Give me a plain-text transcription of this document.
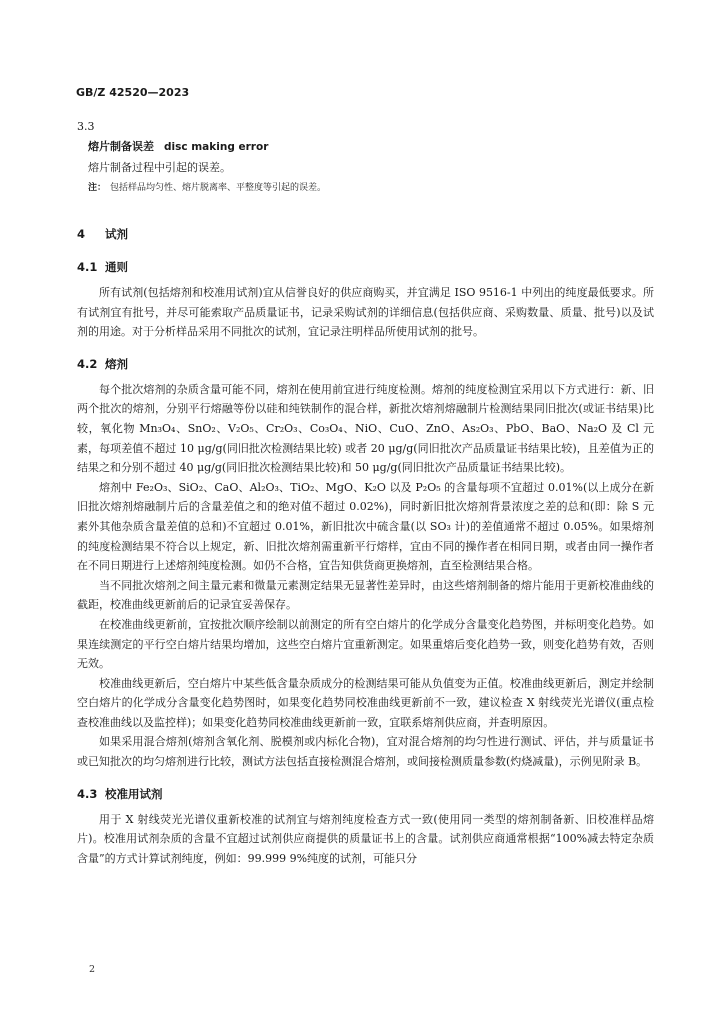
GB/Z 42520—2023

3.3

熔片制备误差 disc making error

熔片制备过程中引起的误差。

注： 包括样品均匀性、熔片脱离率、平整度等引起的误差。

4 试剂
4.1 通则

所有试剂(包括熔剂和校准用试剂)宜从信誉良好的供应商购买，并宜满足 ISO 9516-1 中列出的纯度最低要求。所有试剂宜有批号，并尽可能索取产品质量证书，记录采购试剂的详细信息(包括供应商、采购数量、质量、批号)以及试剂的用途。对于分析样品采用不同批次的试剂，宜记录注明样品所使用试剂的批号。

4.2 熔剂

每个批次熔剂的杂质含量可能不同，熔剂在使用前宜进行纯度检测。熔剂的纯度检测宜采用以下方式进行：新、旧两个批次的熔剂，分别平行熔融等份以硅和纯铁制作的混合样，新批次熔剂熔融制片检测结果同旧批次(或证书结果)比较，氧化物 Mn₃O₄、SnO₂、V₂O₅、Cr₂O₃、Co₃O₄、NiO、CuO、ZnO、As₂O₃、PbO、BaO、Na₂O 及 Cl 元素，每项差值不超过 10 μg/g(同旧批次检测结果比较) 或者 20 μg/g(同旧批次产品质量证书结果比较)，且差值为正的结果之和分别不超过 40 μg/g(同旧批次检测结果比较)和 50 μg/g(同旧批次产品质量证书结果比较)。

熔剂中 Fe₂O₃、SiO₂、CaO、Al₂O₃、TiO₂、MgO、K₂O 以及 P₂O₅ 的含量每项不宜超过 0.01%(以上成分在新旧批次熔剂熔融制片后的含量差值之和的绝对值不超过 0.02%)，同时新旧批次熔剂背景浓度之差的总和(即：除 S 元素外其他杂质含量差值的总和)不宜超过 0.01%，新旧批次中硫含量(以 SO₃ 计)的差值通常不超过 0.05%。如果熔剂的纯度检测结果不符合以上规定，新、旧批次熔剂需重新平行熔样，宜由不同的操作者在相同日期，或者由同一操作者在不同日期进行上述熔剂纯度检测。如仍不合格，宜告知供货商更换熔剂，直至检测结果合格。

当不同批次熔剂之间主量元素和微量元素测定结果无显著性差异时，由这些熔剂制备的熔片能用于更新校准曲线的截距，校准曲线更新前后的记录宜妥善保存。

在校准曲线更新前，宜按批次顺序绘制以前测定的所有空白熔片的化学成分含量变化趋势图，并标明变化趋势。如果连续测定的平行空白熔片结果均增加，这些空白熔片宜重新测定。如果重熔后变化趋势一致，则变化趋势有效，否则无效。

校准曲线更新后，空白熔片中某些低含量杂质成分的检测结果可能从负值变为正值。校准曲线更新后，测定并绘制空白熔片的化学成分含量变化趋势图时，如果变化趋势同校准曲线更新前不一致，建议检查 X 射线荧光光谱仪(重点检查校准曲线以及监控样)；如果变化趋势同校准曲线更新前一致，宜联系熔剂供应商，并查明原因。

如果采用混合熔剂(熔剂含氧化剂、脱模剂或内标化合物)，宜对混合熔剂的均匀性进行测试、评估，并与质量证书或已知批次的均匀熔剂进行比较，测试方法包括直接检测混合熔剂，或间接检测质量参数(灼烧减量)，示例见附录 B。

4.3 校准用试剂

用于 X 射线荧光光谱仪重新校准的试剂宜与熔剂纯度检查方式一致(使用同一类型的熔剂制备新、旧校准样品熔片)。校准用试剂杂质的含量不宜超过试剂供应商提供的质量证书上的含量。试剂供应商通常根据“100%减去特定杂质含量”的方式计算试剂纯度，例如：99.999 9%纯度的试剂，可能只分

2
